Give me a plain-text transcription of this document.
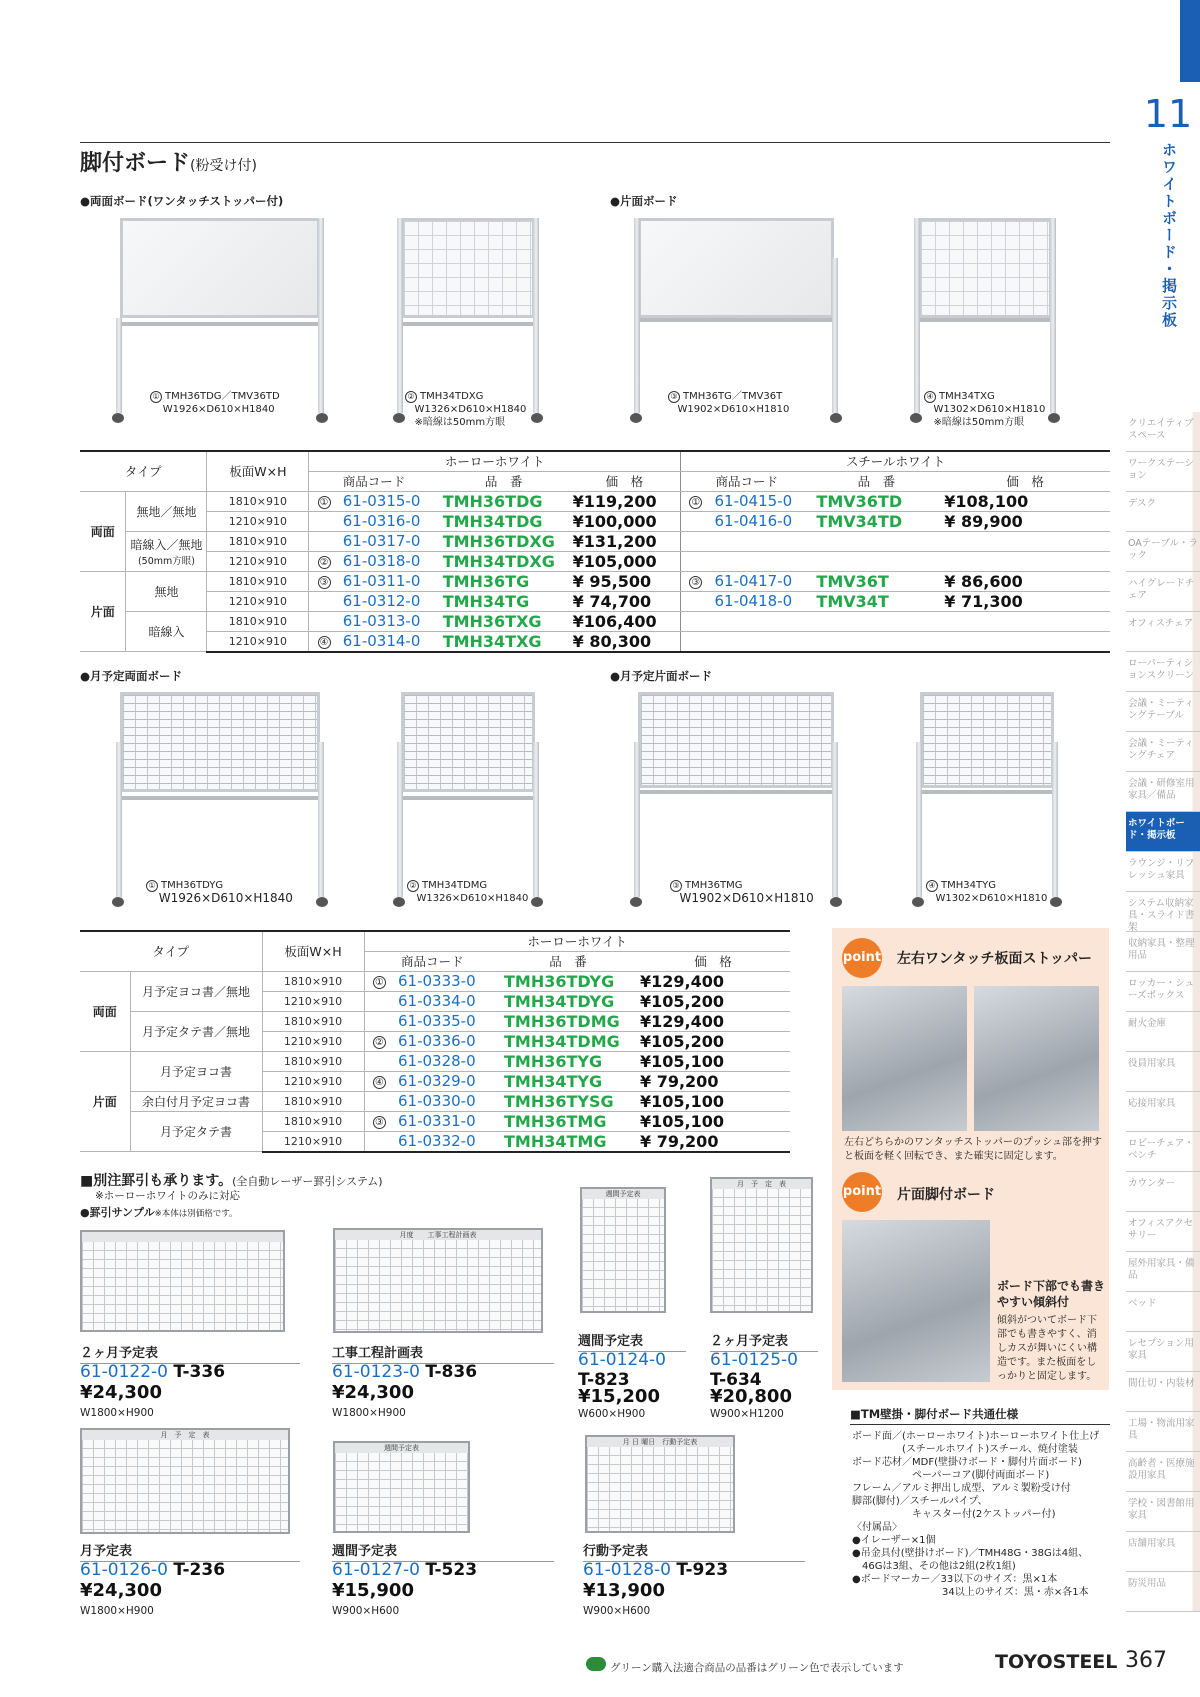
11
ホワイトボード・掲示板
クリエイティブスペース
ワークステーション
デスク
OAテーブル・ラック
ハイグレードチェア
オフィスチェア
ローパーティションスクリーン
会議・ミーティングテーブル
会議・ミーティングチェア
会議・研修室用家具／備品
ホワイトボード・掲示板
ラウンジ・リフレッシュ家具
システム収納家具・スライド書架
収納家具・整理用品
ロッカー・シューズボックス
耐火金庫
役員用家具
応接用家具
ロビーチェア・ベンチ
カウンター
オフィスアクセサリー
屋外用家具・備品
ベッド
レセプション用家具
間仕切・内装材
工場・物流用家具
高齢者・医療施設用家具
学校・図書館用家具
店舗用家具
防災用品
脚付ボード(粉受け付)
●両面ボード(ワンタッチストッパー付)	●片面ボード
① TMH36TDG／TMV36TD
W1926×D610×H1840
② TMH34TDXG
W1326×D610×H1840
※暗線は50mm方眼
③ TMH36TG／TMV36T
W1902×D610×H1810
④ TMH34TXG
W1302×D610×H1810
※暗線は50mm方眼
タイプ		板面W×H	ホーローホワイト				スチールホワイト			
			商品コード		品　番	価　格	商品コード		品　番	価　格
両面	無地／無地	1810×910	①	61-0315-0	TMH36TDG	¥119,200	①	61-0415-0	TMV36TD	¥108,100
		1210×910		61-0316-0	TMH34TDG	¥100,000		61-0416-0	TMV34TD	¥ 89,900
	暗線入／無地
(50mm方眼)	1810×910		61-0317-0	TMH36TDXG	¥131,200				
		1210×910	②	61-0318-0	TMH34TDXG	¥105,000				
片面	無地	1810×910	③	61-0311-0	TMH36TG	¥ 95,500	③	61-0417-0	TMV36T	¥ 86,600
		1210×910		61-0312-0	TMH34TG	¥ 74,700		61-0418-0	TMV34T	¥ 71,300
	暗線入	1810×910		61-0313-0	TMH36TXG	¥106,400				
		1210×910	④	61-0314-0	TMH34TXG	¥ 80,300				
●月予定両面ボード	●月予定片面ボード
① TMH36TDYG
W1926×D610×H1840
② TMH34TDMG
W1326×D610×H1840
③ TMH36TMG
W1902×D610×H1810
④ TMH34TYG
W1302×D610×H1810
タイプ		板面W×H	ホーローホワイト			
			商品コード		品　番	価　格
両面	月予定ヨコ書／無地	1810×910	①	61-0333-0	TMH36TDYG	¥129,400
		1210×910		61-0334-0	TMH34TDYG	¥105,200
	月予定タテ書／無地	1810×910		61-0335-0	TMH36TDMG	¥129,400
		1210×910	②	61-0336-0	TMH34TDMG	¥105,200
片面	月予定ヨコ書	1810×910		61-0328-0	TMH36TYG	¥105,100
		1210×910	④	61-0329-0	TMH34TYG	¥ 79,200
	余白付月予定ヨコ書	1810×910		61-0330-0	TMH36TYSG	¥105,100
	月予定タテ書	1810×910	③	61-0331-0	TMH36TMG	¥105,100
		1210×910		61-0332-0	TMH34TMG	¥ 79,200
point 左右ワンタッチ板面ストッパー
左右どちらかのワンタッチストッパーのプッシュ部を押すと板面を軽く回転でき、また確実に固定します。
point 片面脚付ボード
ボード下部でも書きやすい傾斜付
傾斜がついてボード下部でも書きやすく、消しカスが舞いにくい構造です。また板面をしっかりと固定します。
■別注罫引も承ります。(全自動レーザー罫引システム)
※ホーローホワイトのみに対応
●罫引サンプル※本体は別価格です。
２ヶ月予定表
61-0122-0 T-336
¥24,300
W1800×H900
月度　　工事工程計画表
工事工程計画表
61-0123-0 T-836
¥24,300
W1800×H900
週間予定表
週間予定表
61-0124-0
T-823
¥15,200
W600×H900
月　予　定　表
２ヶ月予定表
61-0125-0
T-634
¥20,800
W900×H1200
月　予　定　表
月予定表
61-0126-0 T-236
¥24,300
W1800×H900
週間予定表
週間予定表
61-0127-0 T-523
¥15,900
W900×H600
月 日 曜日　行動予定表
行動予定表
61-0128-0 T-923
¥13,900
W900×H600
■TM壁掛・脚付ボード共通仕様
ボード面／(ホーローホワイト)ホーローホワイト仕上げ
　　　　　(スチールホワイト)スチール、焼付塗装
ボード芯材／MDF(壁掛けボード・脚付片面ボード)
　　　　　　ペーパーコア(脚付両面ボード)
フレーム／アルミ押出し成型、アルミ製粉受け付
脚部(脚付)／スチールパイプ、
　　　　　　キャスター付(2ケストッパー付)
〈付属品〉
●イレーザー×1個
●吊金具付(壁掛けボード)／TMH48G・38Gは4組、
　46Gは3組、その他は2組(2枚1組)
●ボードマーカー／33以下のサイズ：黒×1本
　　　　　　　　　34以上のサイズ：黒・赤×各1本
グリーン購入法適合商品の品番はグリーン色で表示しています	TOYOSTEEL 367
